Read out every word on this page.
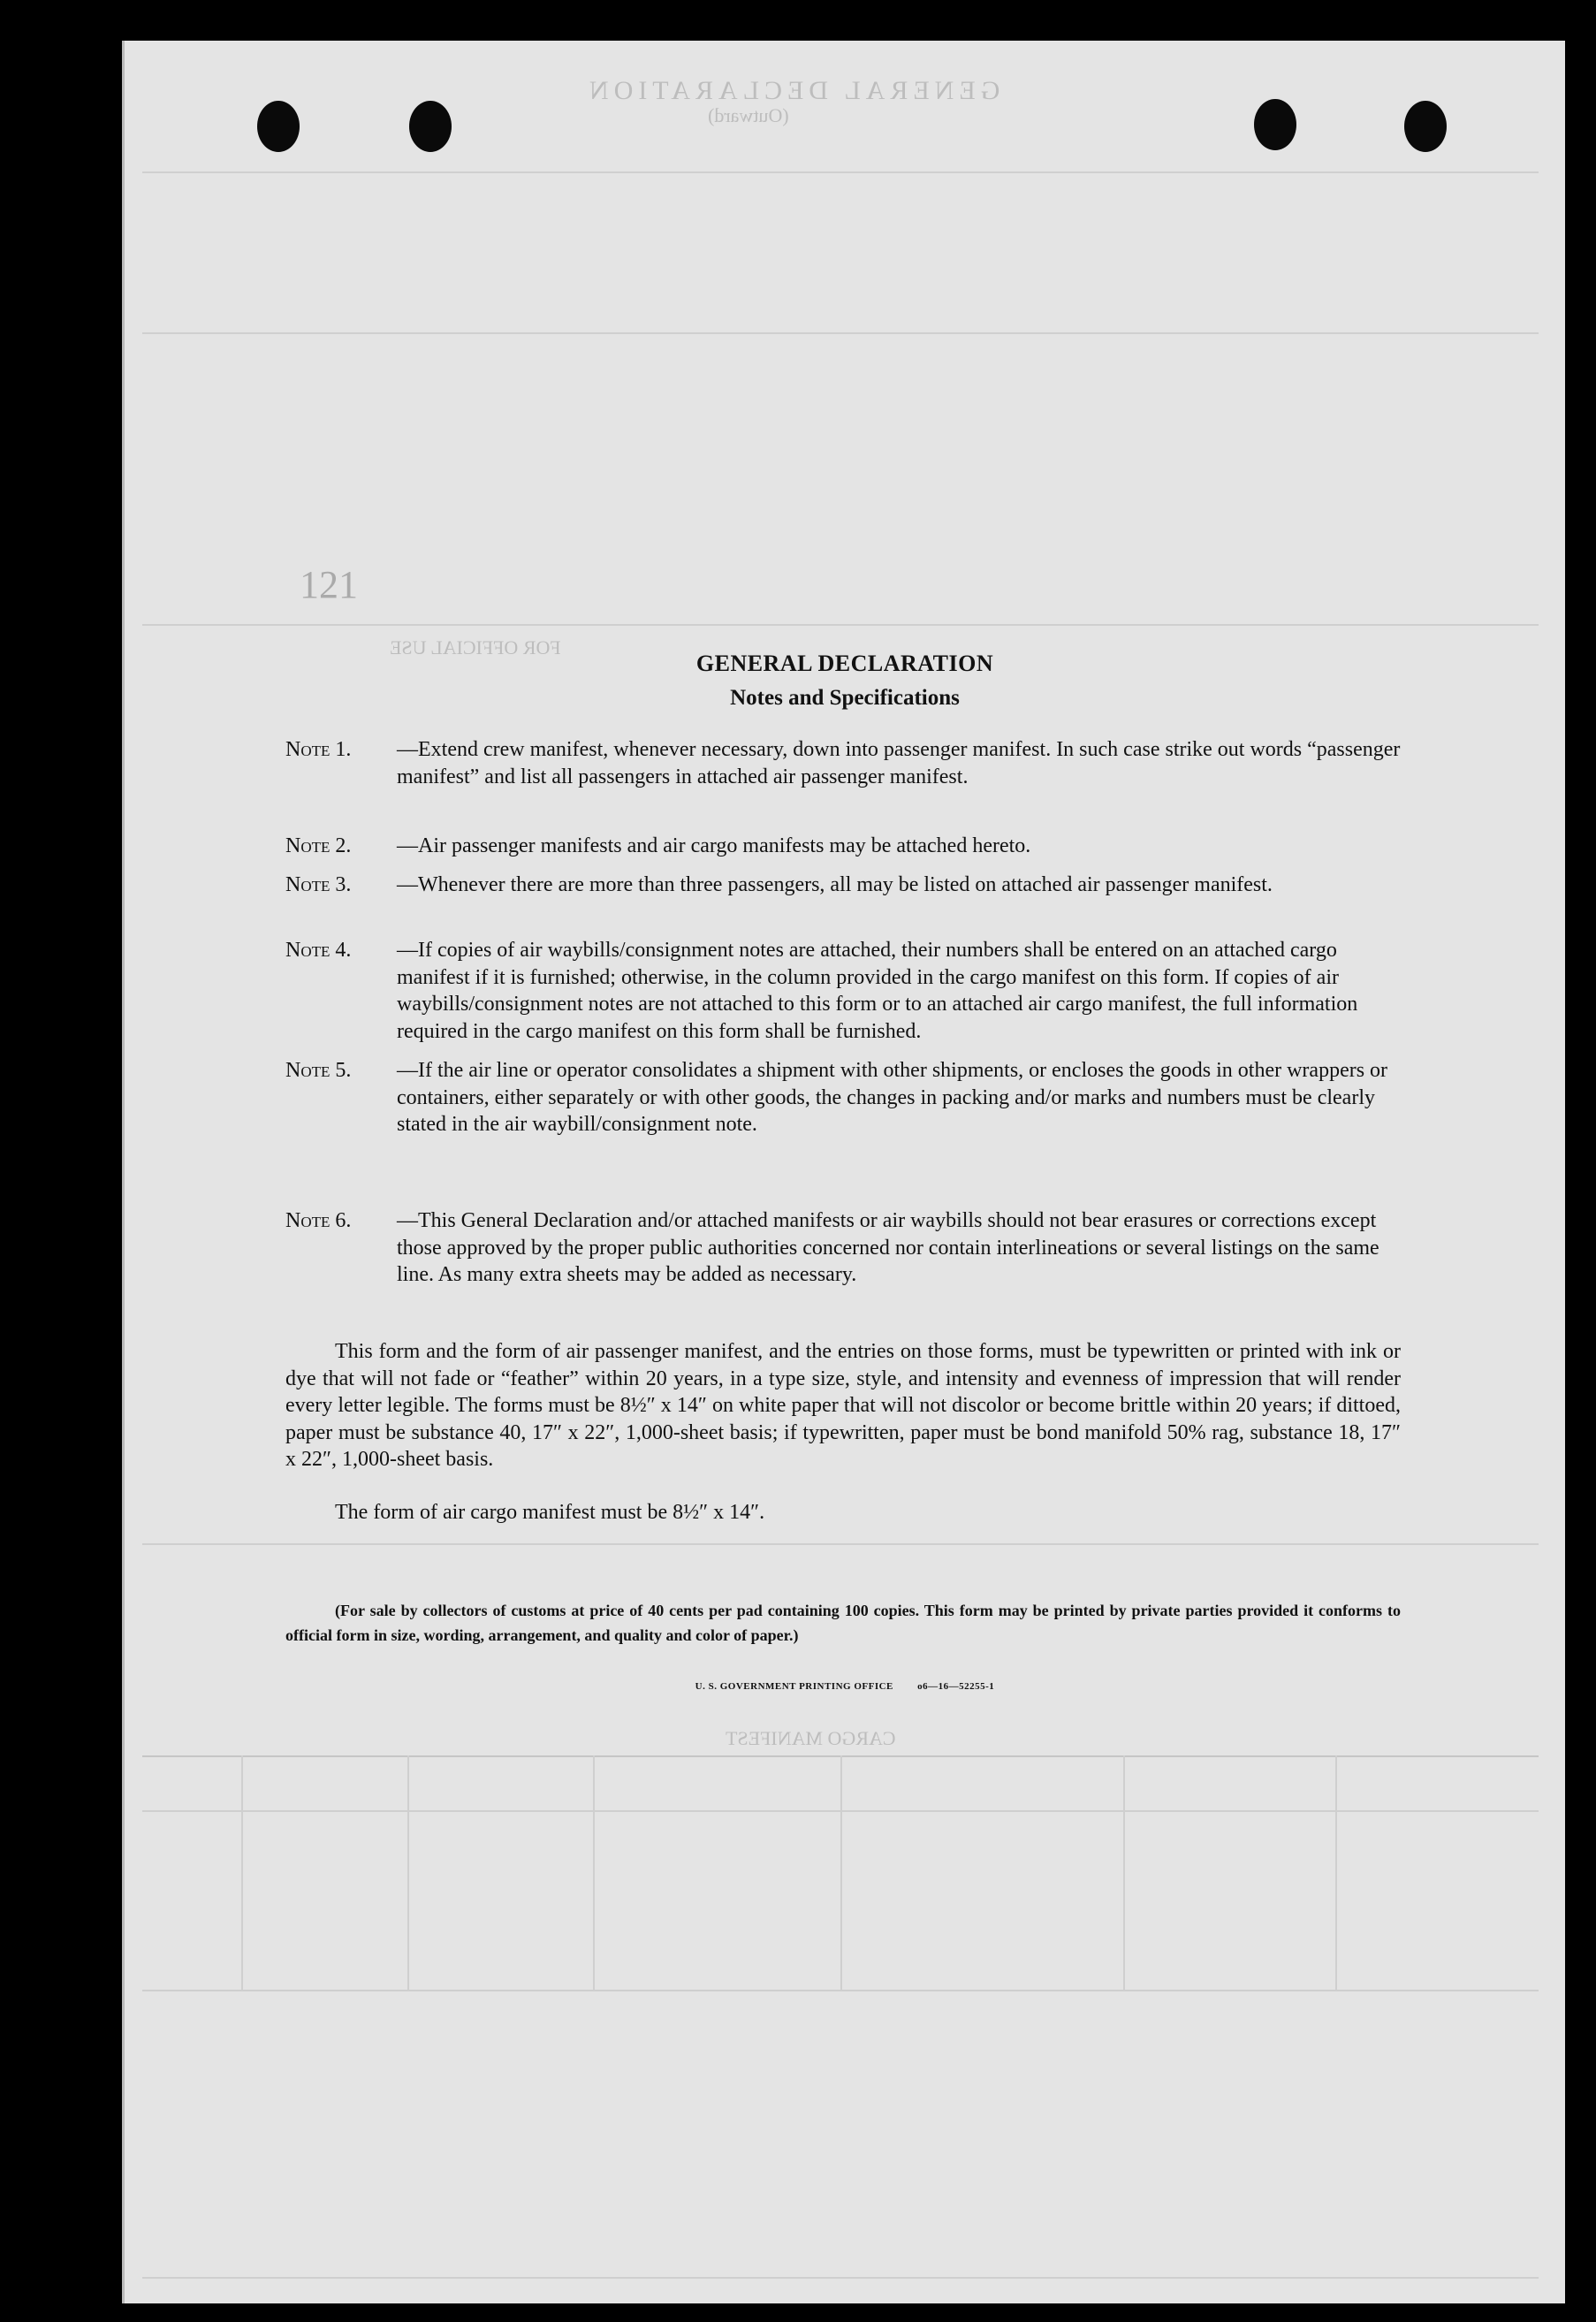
GENERAL DECLARATION
(Outward)
FOR OFFICIAL USE
CARGO MANIFEST
121
GENERAL DECLARATION
Notes and Specifications
Note 1.	—Extend crew manifest, whenever necessary, down into passenger manifest. In such case strike out words “passenger manifest” and list all passengers in attached air passenger manifest.
Note 2.	—Air passenger manifests and air cargo manifests may be attached hereto.
Note 3.	—Whenever there are more than three passengers, all may be listed on attached air passenger manifest.
Note 4.	—If copies of air waybills/consignment notes are attached, their numbers shall be entered on an attached cargo manifest if it is furnished; otherwise, in the column provided in the cargo manifest on this form. If copies of air waybills/consignment notes are not attached to this form or to an attached air cargo manifest, the full information required in the cargo manifest on this form shall be furnished.
Note 5.	—If the air line or operator consolidates a shipment with other shipments, or encloses the goods in other wrappers or containers, either separately or with other goods, the changes in packing and/or marks and numbers must be clearly stated in the air waybill/consignment note.
Note 6.	—This General Declaration and/or attached manifests or air waybills should not bear erasures or corrections except those approved by the proper public authorities concerned nor contain interlineations or several listings on the same line. As many extra sheets may be added as necessary.
This form and the form of air passenger manifest, and the entries on those forms, must be typewritten or printed with ink or dye that will not fade or “feather” within 20 years, in a type size, style, and intensity and evenness of impression that will render every letter legible. The forms must be 8½″ x 14″ on white paper that will not discolor or become brittle within 20 years; if dittoed, paper must be substance 40, 17″ x 22″, 1,000-sheet basis; if typewritten, paper must be bond manifold 50% rag, substance 18, 17″ x 22″, 1,000-sheet basis.
The form of air cargo manifest must be 8½″ x 14″.
(For sale by collectors of customs at price of 40 cents per pad containing 100 copies. This form may be printed by private parties provided it conforms to official form in size, wording, arrangement, and quality and color of paper.)
U. S. GOVERNMENT PRINTING OFFICE o6—16—52255-1
